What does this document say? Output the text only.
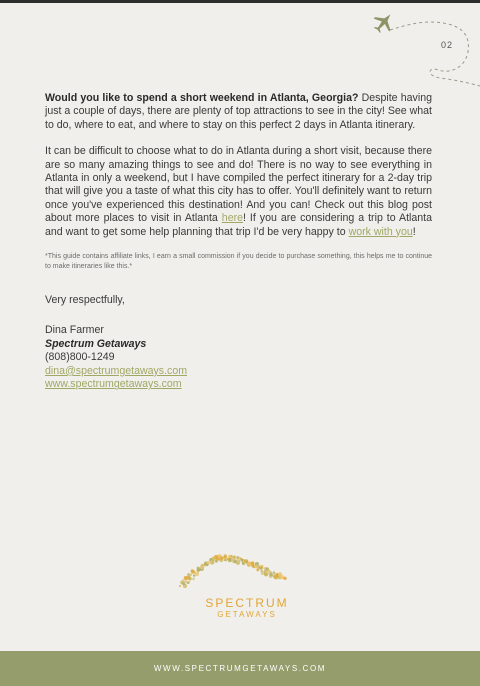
02

Would you like to spend a short weekend in Atlanta, Georgia? Despite having just a couple of days, there are plenty of top attractions to see in the city! See what to do, where to eat, and where to stay on this perfect 2 days in Atlanta itinerary.

It can be difficult to choose what to do in Atlanta during a short visit, because there are so many amazing things to see and do! There is no way to see everything in Atlanta in only a weekend, but I have compiled the perfect itinerary for a 2-day trip that will give you a taste of what this city has to offer. You'll definitely want to return once you've experienced this destination! And you can! Check out this blog post about more places to visit in Atlanta here! If you are considering a trip to Atlanta and want to get some help planning that trip I'd be very happy to work with you!

*This guide contains affiliate links, I earn a small commission if you decide to purchase something, this helps me to continue to make itineraries like this.*

Very respectfully,

Dina Farmer
Spectrum Getaways
(808)800-1249
dina@spectrumgetaways.com
www.spectrumgetaways.com
SPECTRUM
GETAWAYS
WWW.SPECTRUMGETAWAYS.COM
